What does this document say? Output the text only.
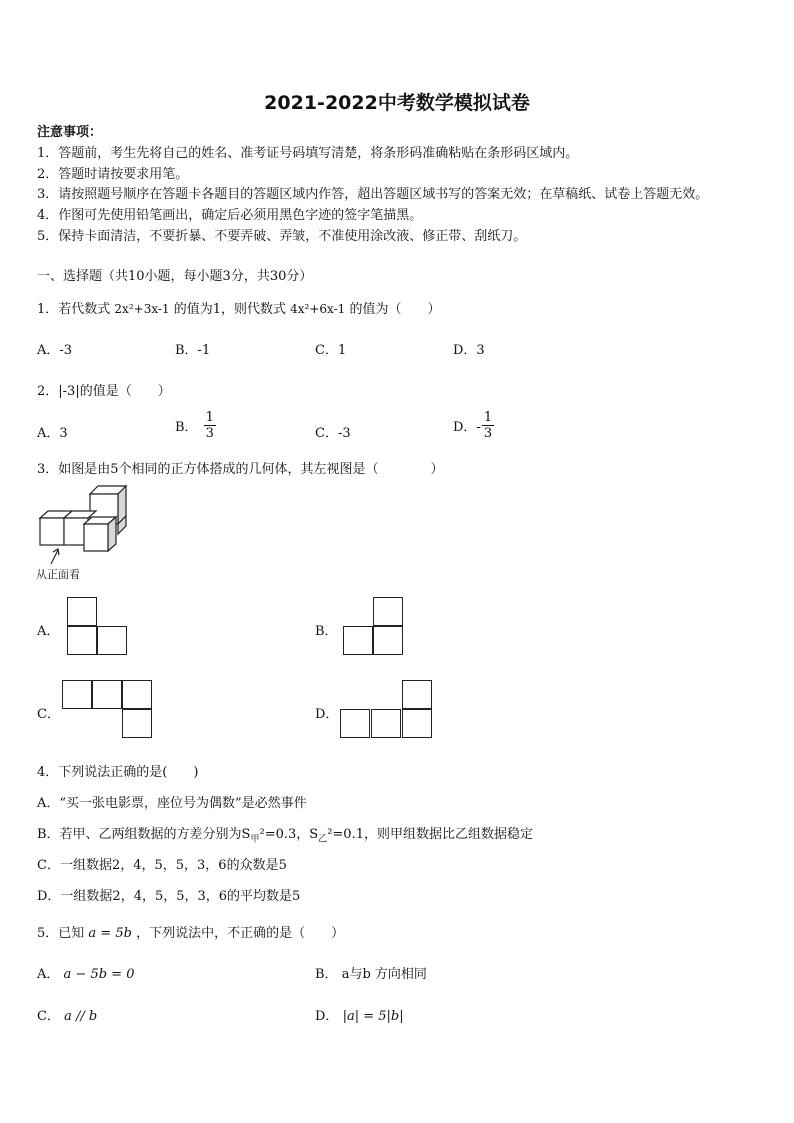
2021-2022中考数学模拟试卷
注意事项：
1．答题前，考生先将自己的姓名、准考证号码填写清楚，将条形码准确粘贴在条形码区域内。
2．答题时请按要求用笔。
3．请按照题号顺序在答题卡各题目的答题区域内作答，超出答题区域书写的答案无效；在草稿纸、试卷上答题无效。
4．作图可先使用铅笔画出，确定后必须用黑色字迹的签字笔描黑。
5．保持卡面清洁，不要折暴、不要弄破、弄皱，不准使用涂改液、修正带、刮纸刀。
一、选择题（共10小题，每小题3分，共30分）
1．若代数式 2x²+3x-1 的值为1，则代数式 4x²+6x-1 的值为（　　）
A．-3	B．-1	C．1	D．3
2．|-3|的值是（　　）
A．3	B． $\frac{1}{3}$	C．-3	D．- $\frac{1}{3}$
3．如图是由5个相同的正方体搭成的几何体，其左视图是（　　　　）
从正面看
A．	B．
C．	D．
4．下列说法正确的是(　　)
A．“买一张电影票，座位号为偶数”是必然事件
B．若甲、乙两组数据的方差分别为$S_甲^2=0.3$，$S_乙^2=0.1$，则甲组数据比乙组数据稳定
C．一组数据2，4，5，5，3，6的众数是5
D．一组数据2，4，5，5，3，6的平均数是5
5．已知 a = 5b ，下列说法中，不正确的是（　　）
A． a − 5b = 0	B． a与b 方向相同
C． a // b	D． |a| = 5|b|
